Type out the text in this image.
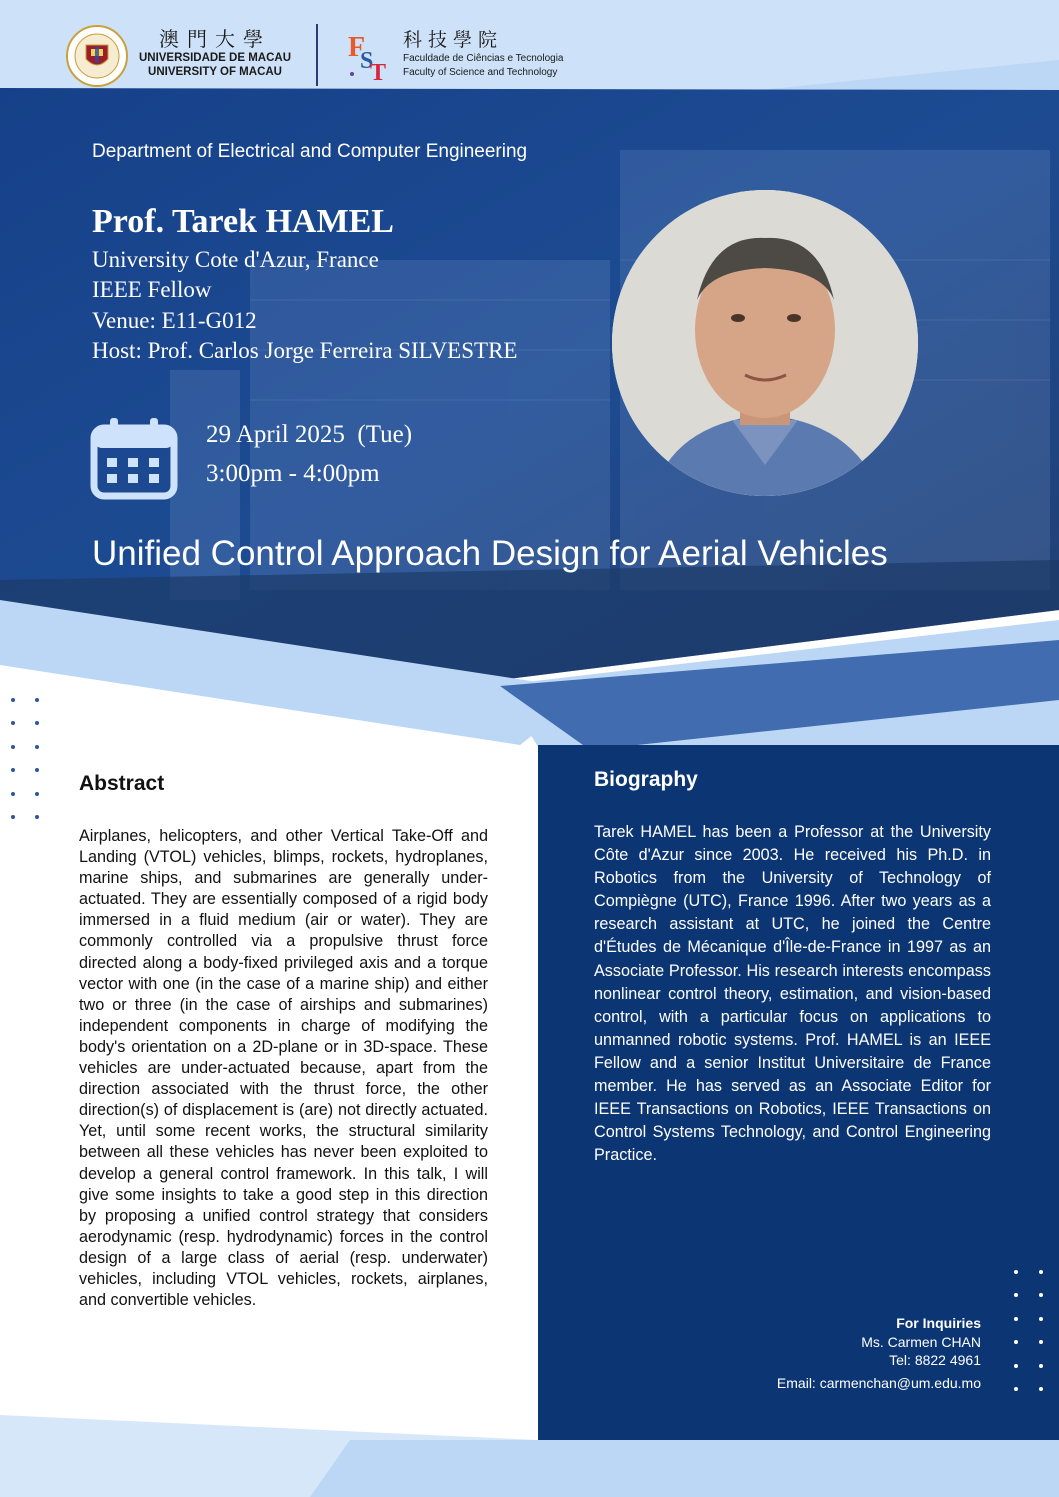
澳門大學
UNIVERSIDADE DE MACAU
UNIVERSITY OF MACAU
F
S
T
科技學院
Faculdade de Ciências e Tecnologia
Faculty of Science and Technology
Department of Electrical and Computer Engineering
Prof. Tarek HAMEL
University Cote d'Azur, France
IEEE Fellow
Venue: E11-G012
Host: Prof. Carlos Jorge Ferreira SILVESTRE
29 April 2025  (Tue)
3:00pm - 4:00pm
Unified Control Approach Design for Aerial Vehicles
Abstract
Airplanes, helicopters, and other Vertical Take-Off and Landing (VTOL) vehicles, blimps, rockets, hydroplanes, marine ships, and submarines are generally under-actuated. They are essentially composed of a rigid body immersed in a fluid medium (air or water). They are commonly controlled via a propulsive thrust force directed along a body-fixed privileged axis and a torque vector with one (in the case of a marine ship) and either two or three (in the case of airships and submarines) independent components in charge of modifying the body's orientation on a 2D-plane or in 3D-space. These vehicles are under-actuated because, apart from the direction associated with the thrust force, the other direction(s) of displacement is (are) not directly actuated. Yet, until some recent works, the structural similarity between all these vehicles has never been exploited to develop a general control framework. In this talk, I will give some insights to take a good step in this direction by proposing a unified control strategy that considers aerodynamic (resp. hydrodynamic) forces in the control design of a large class of aerial (resp. underwater) vehicles, including VTOL vehicles, rockets, airplanes, and convertible vehicles.
Biography
Tarek HAMEL has been a Professor at the University Côte d'Azur since 2003. He received his Ph.D. in Robotics from the University of Technology of Compiègne (UTC), France 1996. After two years as a research assistant at UTC, he joined the Centre d'Études de Mécanique d'Île-de-France in 1997 as an Associate Professor. His research interests encompass nonlinear control theory, estimation, and vision-based control, with a particular focus on applications to unmanned robotic systems. Prof. HAMEL is an IEEE Fellow and a senior Institut Universitaire de France member. He has served as an Associate Editor for IEEE Transactions on Robotics, IEEE Transactions on Control Systems Technology, and Control Engineering Practice.
For Inquiries
Ms. Carmen CHAN
Tel: 8822 4961
Email: carmenchan@um.edu.mo
